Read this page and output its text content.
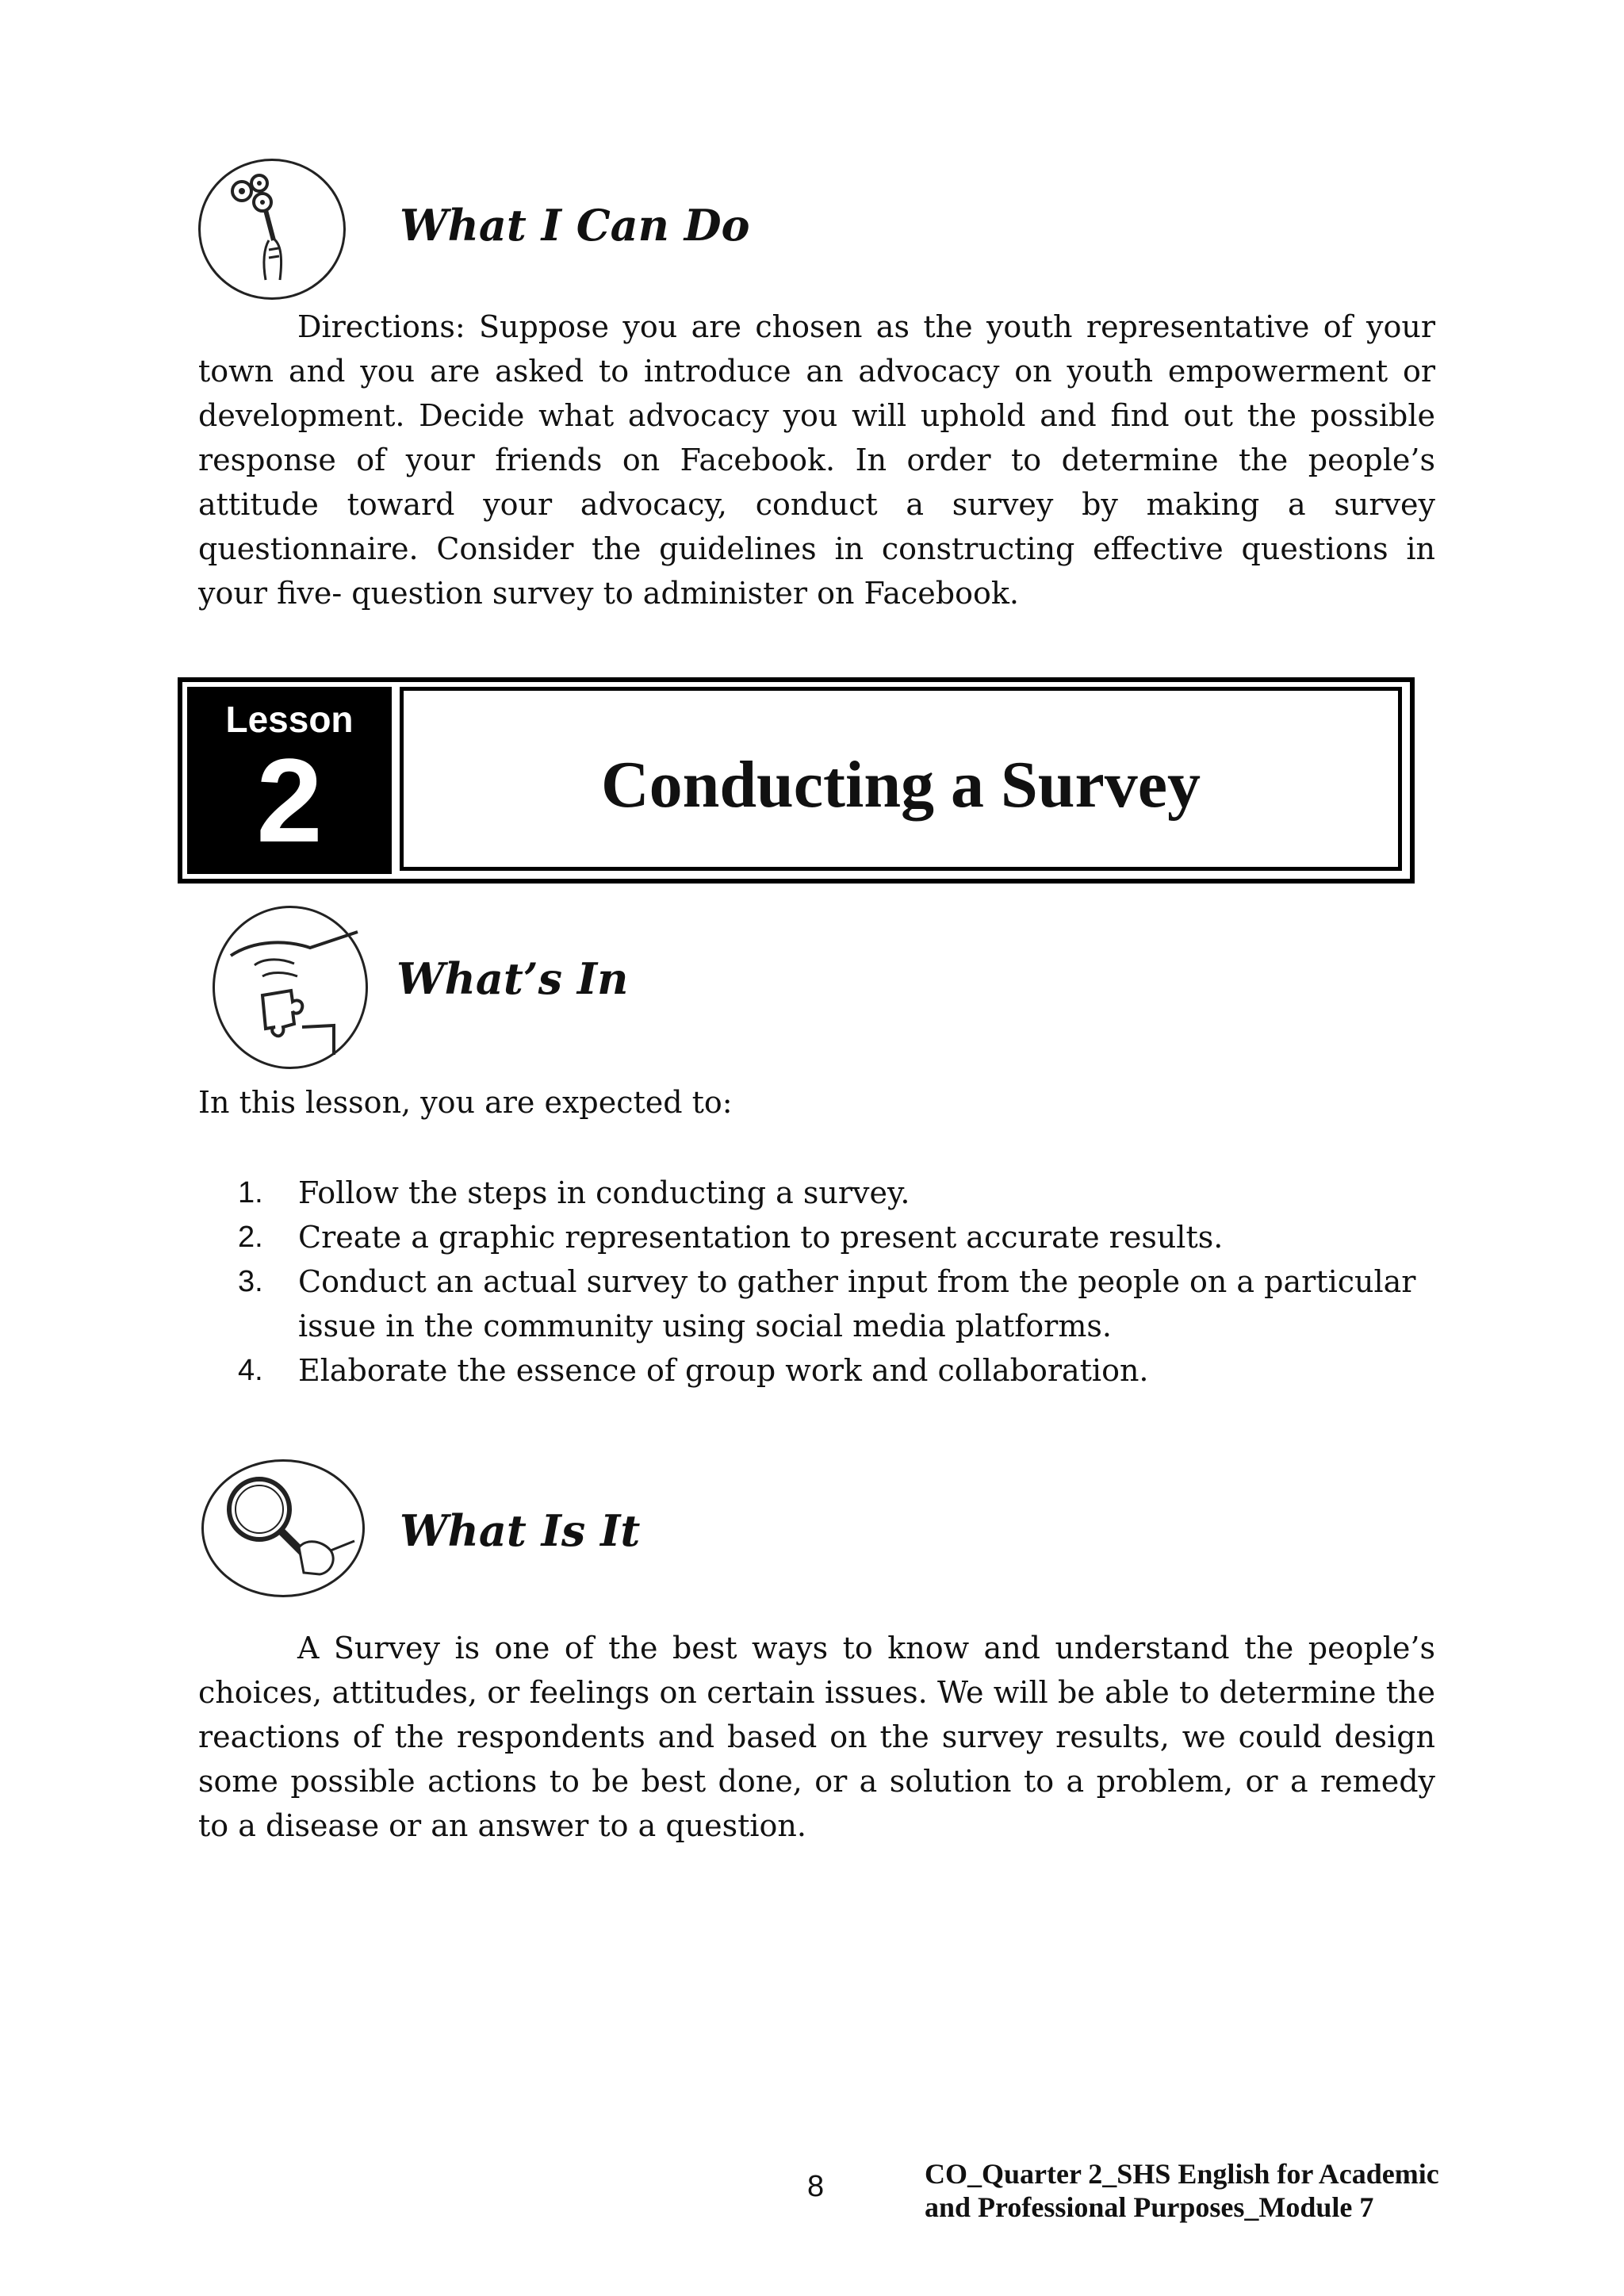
What I Can Do
Directions: Suppose you are chosen as the youth representative of your town and you are asked to introduce an advocacy on youth empowerment or development. Decide what advocacy you will uphold and find out the possible response of your friends on Facebook. In order to determine the people’s attitude toward your advocacy, conduct a survey by making a survey questionnaire. Consider the guidelines in constructing effective questions in your five- question survey to administer on Facebook.
Lesson
2	Conducting a Survey
What’s In
In this lesson, you are expected to:
1. Follow the steps in conducting a survey.
2. Create a graphic representation to present accurate results.
3. Conduct an actual survey to gather input from the people on a particular issue in the community using social media platforms.
4. Elaborate the essence of group work and collaboration.
What Is It
A Survey is one of the best ways to know and understand the people’s choices, attitudes, or feelings on certain issues. We will be able to determine the reactions of the respondents and based on the survey results, we could design some possible actions to be best done, or a solution to a problem, or a remedy to a disease or an answer to a question.
8	CO_Quarter 2_SHS English for Academic
and Professional Purposes_Module 7
